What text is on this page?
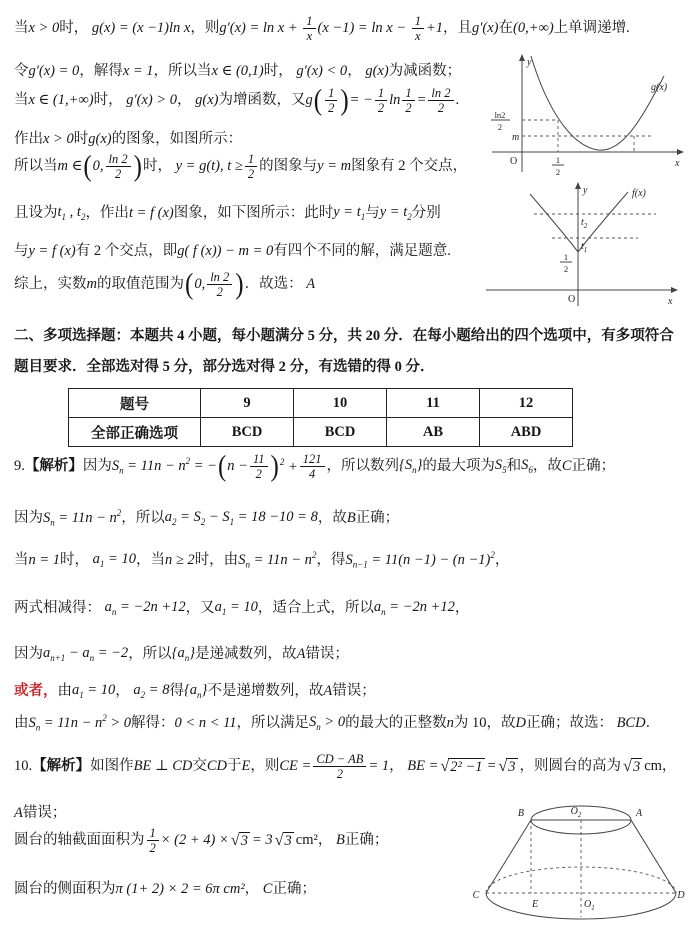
当 x > 0 时， g(x) = (x −1)ln x ，则 $g'(x) = \ln x + \frac{1}{x} (x -1) = \ln x - \frac{1}{x} +1$ ，且 g′(x) 在 (0,+∞) 上单调递增.
令 g′(x) = 0 ，解得 x = 1 ，所以当 x ∈ (0,1) 时， g′(x) < 0 ， g(x) 为减函数；
当 x ∈ (1,+∞) 时， g′(x) > 0 ， g(x) 为增函数，又 g ( $\frac{1}{2}$ ) = − $\frac{1}{2}$ $\ln \frac{1}{2} = \frac{\ln 2}{2}$ .
作出 x > 0 时 g(x) 的图象，如图所示：
所以当 m ∈ ( 0, $\frac{\ln 2}{2}$ ) 时， y = g(t), $t \ge \frac{1}{2}$ 的图象与 y = m 图象有 2 个交点，
且设为 $t_1$ , $t_2$ ，作出 t = f (x) 图象，如下图所示：此时 $y = t_1$ 与 $y = t_2$ 分别
与 y = f (x) 有 2 个交点，即 g( f (x)) − m = 0 有四个不同的解，满足题意.
综上，实数 m 的取值范围为 ( 0, $\frac{\ln 2}{2}$ ) ．故选： A
y
x
O
g(x)
ln2
2
m
1
2
y
x
O
f(x)
$t_2$
$t_1$
1
2
二、多项选择题：本题共 4 小题，每小题满分 5 分，共 20 分．在每小题给出的四个选项中，有多项符合
题目要求．全部选对得 5 分，部分选对得 2 分，有选错的得 0 分．
题号	9	10	11	12
全部正确选项	BCD	BCD	AB	ABD
9. 【解析】 因为 $S_n = 11n - n^2$ = − ( $n - \frac{11}{2}$ ) $^2 + \frac{121}{4}$ ，所以数列 $\{S_n\}$ 的最大项为 $S_5$ 和 $S_6$ ，故 C 正确；
因为 $S_n = 11n - n^2$ ，所以 $a_2 = S_2 - S_1 = 18 -10 = 8$ ，故 B 正确；
当 n = 1 时， $a_1 = 10$ ，当 n ≥ 2 时，由 $S_n = 11n - n^2$ ，得 $S_{n-1} = 11(n -1) - (n -1)^2$ ，
两式相减得： $a_n = -2n +12$ ，又 $a_1 = 10$ ，适合上式，所以 $a_n = -2n +12$ ，
因为 $a_{n+1} - a_n = -2$ ，所以 $\{a_n\}$ 是递减数列，故 A 错误；
或者， 由 $a_1 = 10$ ， $a_2 = 8$ 得 $\{a_n\}$ 不是递增数列，故 A 错误；
由 $S_n = 11n - n^2 > 0$ 解得： 0 < n < 11 ，所以满足 $S_n > 0$ 的最大的正整数 n 为 10，故 D 正确；故选： BCD ．
10. 【解析】 如图作 BE ⊥ CD 交 CD 于 E ，则 CE = $\frac{CD - AB}{2} = 1$ ， BE = √ 2² −1 = √ 3 ，则圆台的高为 √ 3 cm，
A 错误；
圆台的轴截面面积为 $\frac{1}{2} \times (2 + 4)$ × √ 3 = 3 √ 3 cm²， B 正确；
圆台的侧面积为 π (1+ 2) × 2 = 6π cm² ， C 正确；
B	A
$O_2$
C	D
E	$O_1$
